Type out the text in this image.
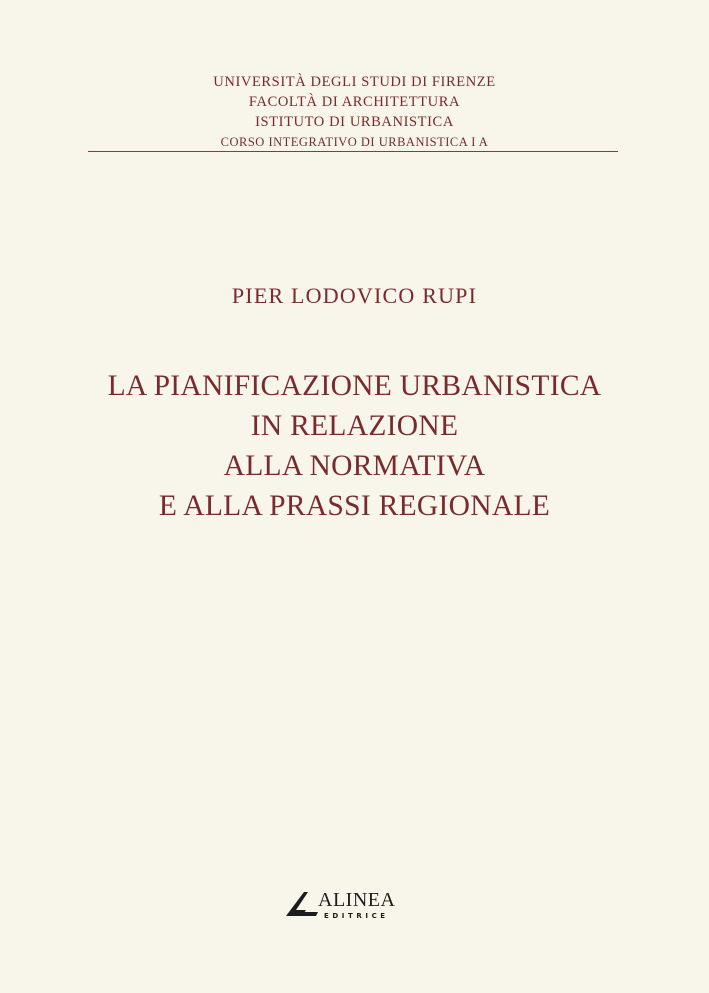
UNIVERSITÀ DEGLI STUDI DI FIRENZE
FACOLTÀ DI ARCHITETTURA
ISTITUTO DI URBANISTICA
CORSO INTEGRATIVO DI URBANISTICA I A
PIER LODOVICO RUPI
LA PIANIFICAZIONE URBANISTICA
IN RELAZIONE
ALLA NORMATIVA
E ALLA PRASSI REGIONALE
ALINEA
EDITRICE
